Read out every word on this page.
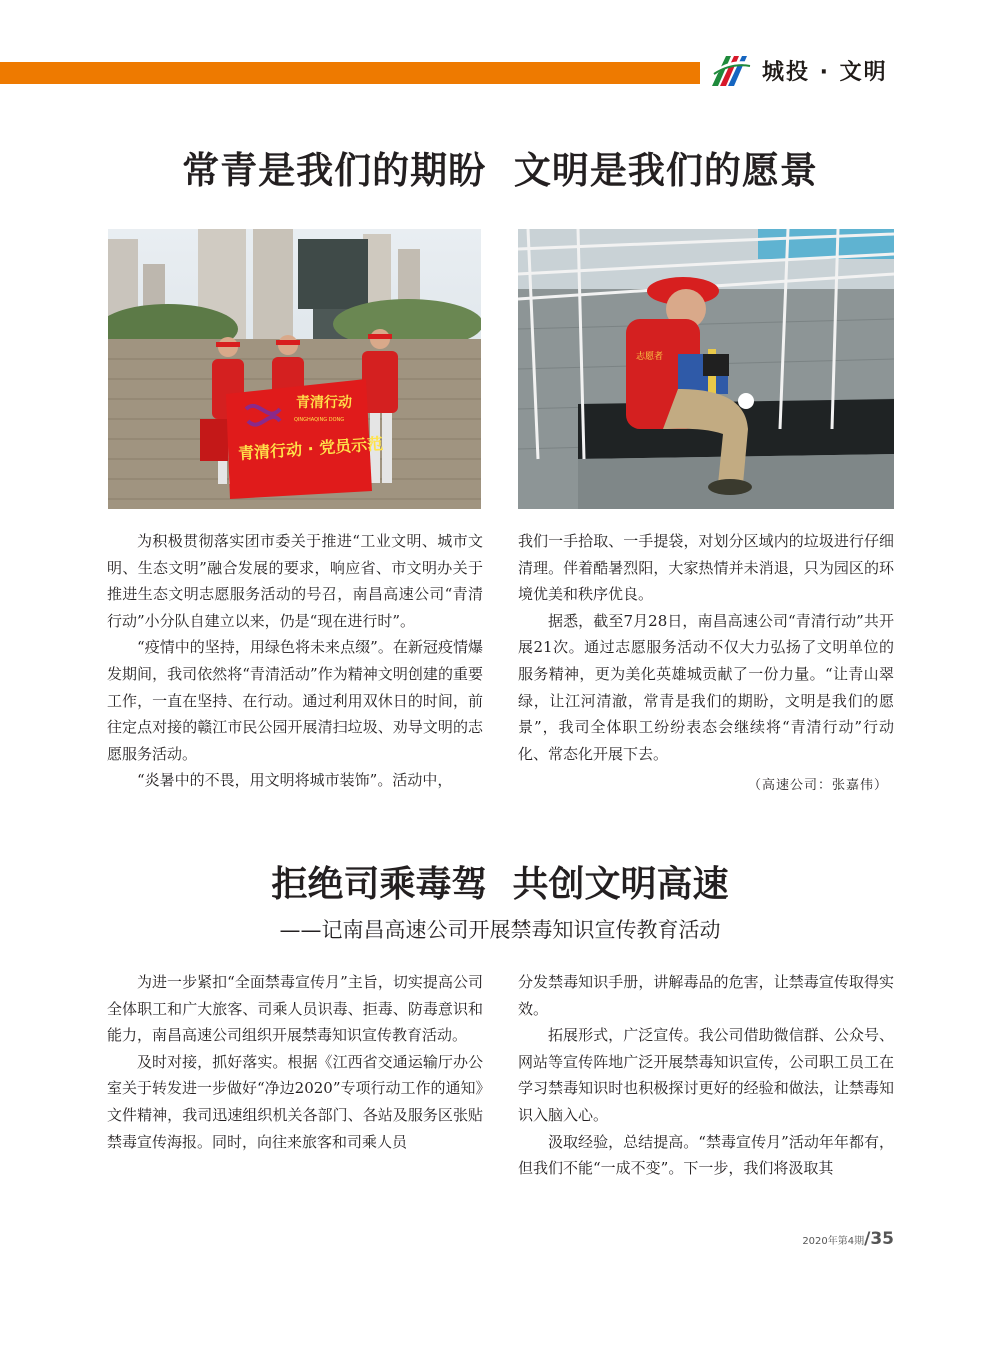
城投 · 文明
常青是我们的期盼  文明是我们的愿景
青清行动
QINGHAQING DONG
青清行动 · 党员示范
志愿者

为积极贯彻落实团市委关于推进“工业文明、城市文明、生态文明”融合发展的要求，响应省、市文明办关于推进生态文明志愿服务活动的号召，南昌高速公司“青清行动”小分队自建立以来，仍是“现在进行时”。

“疫情中的坚持，用绿色将未来点缀”。在新冠疫情爆发期间，我司依然将“青清活动”作为精神文明创建的重要工作，一直在坚持、在行动。通过利用双休日的时间，前往定点对接的赣江市民公园开展清扫垃圾、劝导文明的志愿服务活动。

“炎暑中的不畏，用文明将城市装饰”。活动中，

我们一手拾取、一手提袋，对划分区域内的垃圾进行仔细清理。伴着酷暑烈阳，大家热情并未消退，只为园区的环境优美和秩序优良。

据悉，截至7月28日，南昌高速公司“青清行动”共开展21次。通过志愿服务活动不仅大力弘扬了文明单位的服务精神，更为美化英雄城贡献了一份力量。“让青山翠绿，让江河清澈，常青是我们的期盼，文明是我们的愿景”，我司全体职工纷纷表态会继续将“青清行动”行动化、常态化开展下去。

（高速公司：张嘉伟）

拒绝司乘毒驾  共创文明高速
——记南昌高速公司开展禁毒知识宣传教育活动

为进一步紧扣“全面禁毒宣传月”主旨，切实提高公司全体职工和广大旅客、司乘人员识毒、拒毒、防毒意识和能力，南昌高速公司组织开展禁毒知识宣传教育活动。

及时对接，抓好落实。根据《江西省交通运输厅办公室关于转发进一步做好“净边2020”专项行动工作的通知》文件精神，我司迅速组织机关各部门、各站及服务区张贴禁毒宣传海报。同时，向往来旅客和司乘人员

分发禁毒知识手册，讲解毒品的危害，让禁毒宣传取得实效。

拓展形式，广泛宣传。我公司借助微信群、公众号、网站等宣传阵地广泛开展禁毒知识宣传，公司职工员工在学习禁毒知识时也积极探讨更好的经验和做法，让禁毒知识入脑入心。

汲取经验，总结提高。“禁毒宣传月”活动年年都有，但我们不能“一成不变”。下一步，我们将汲取其

2020年第4期/35
